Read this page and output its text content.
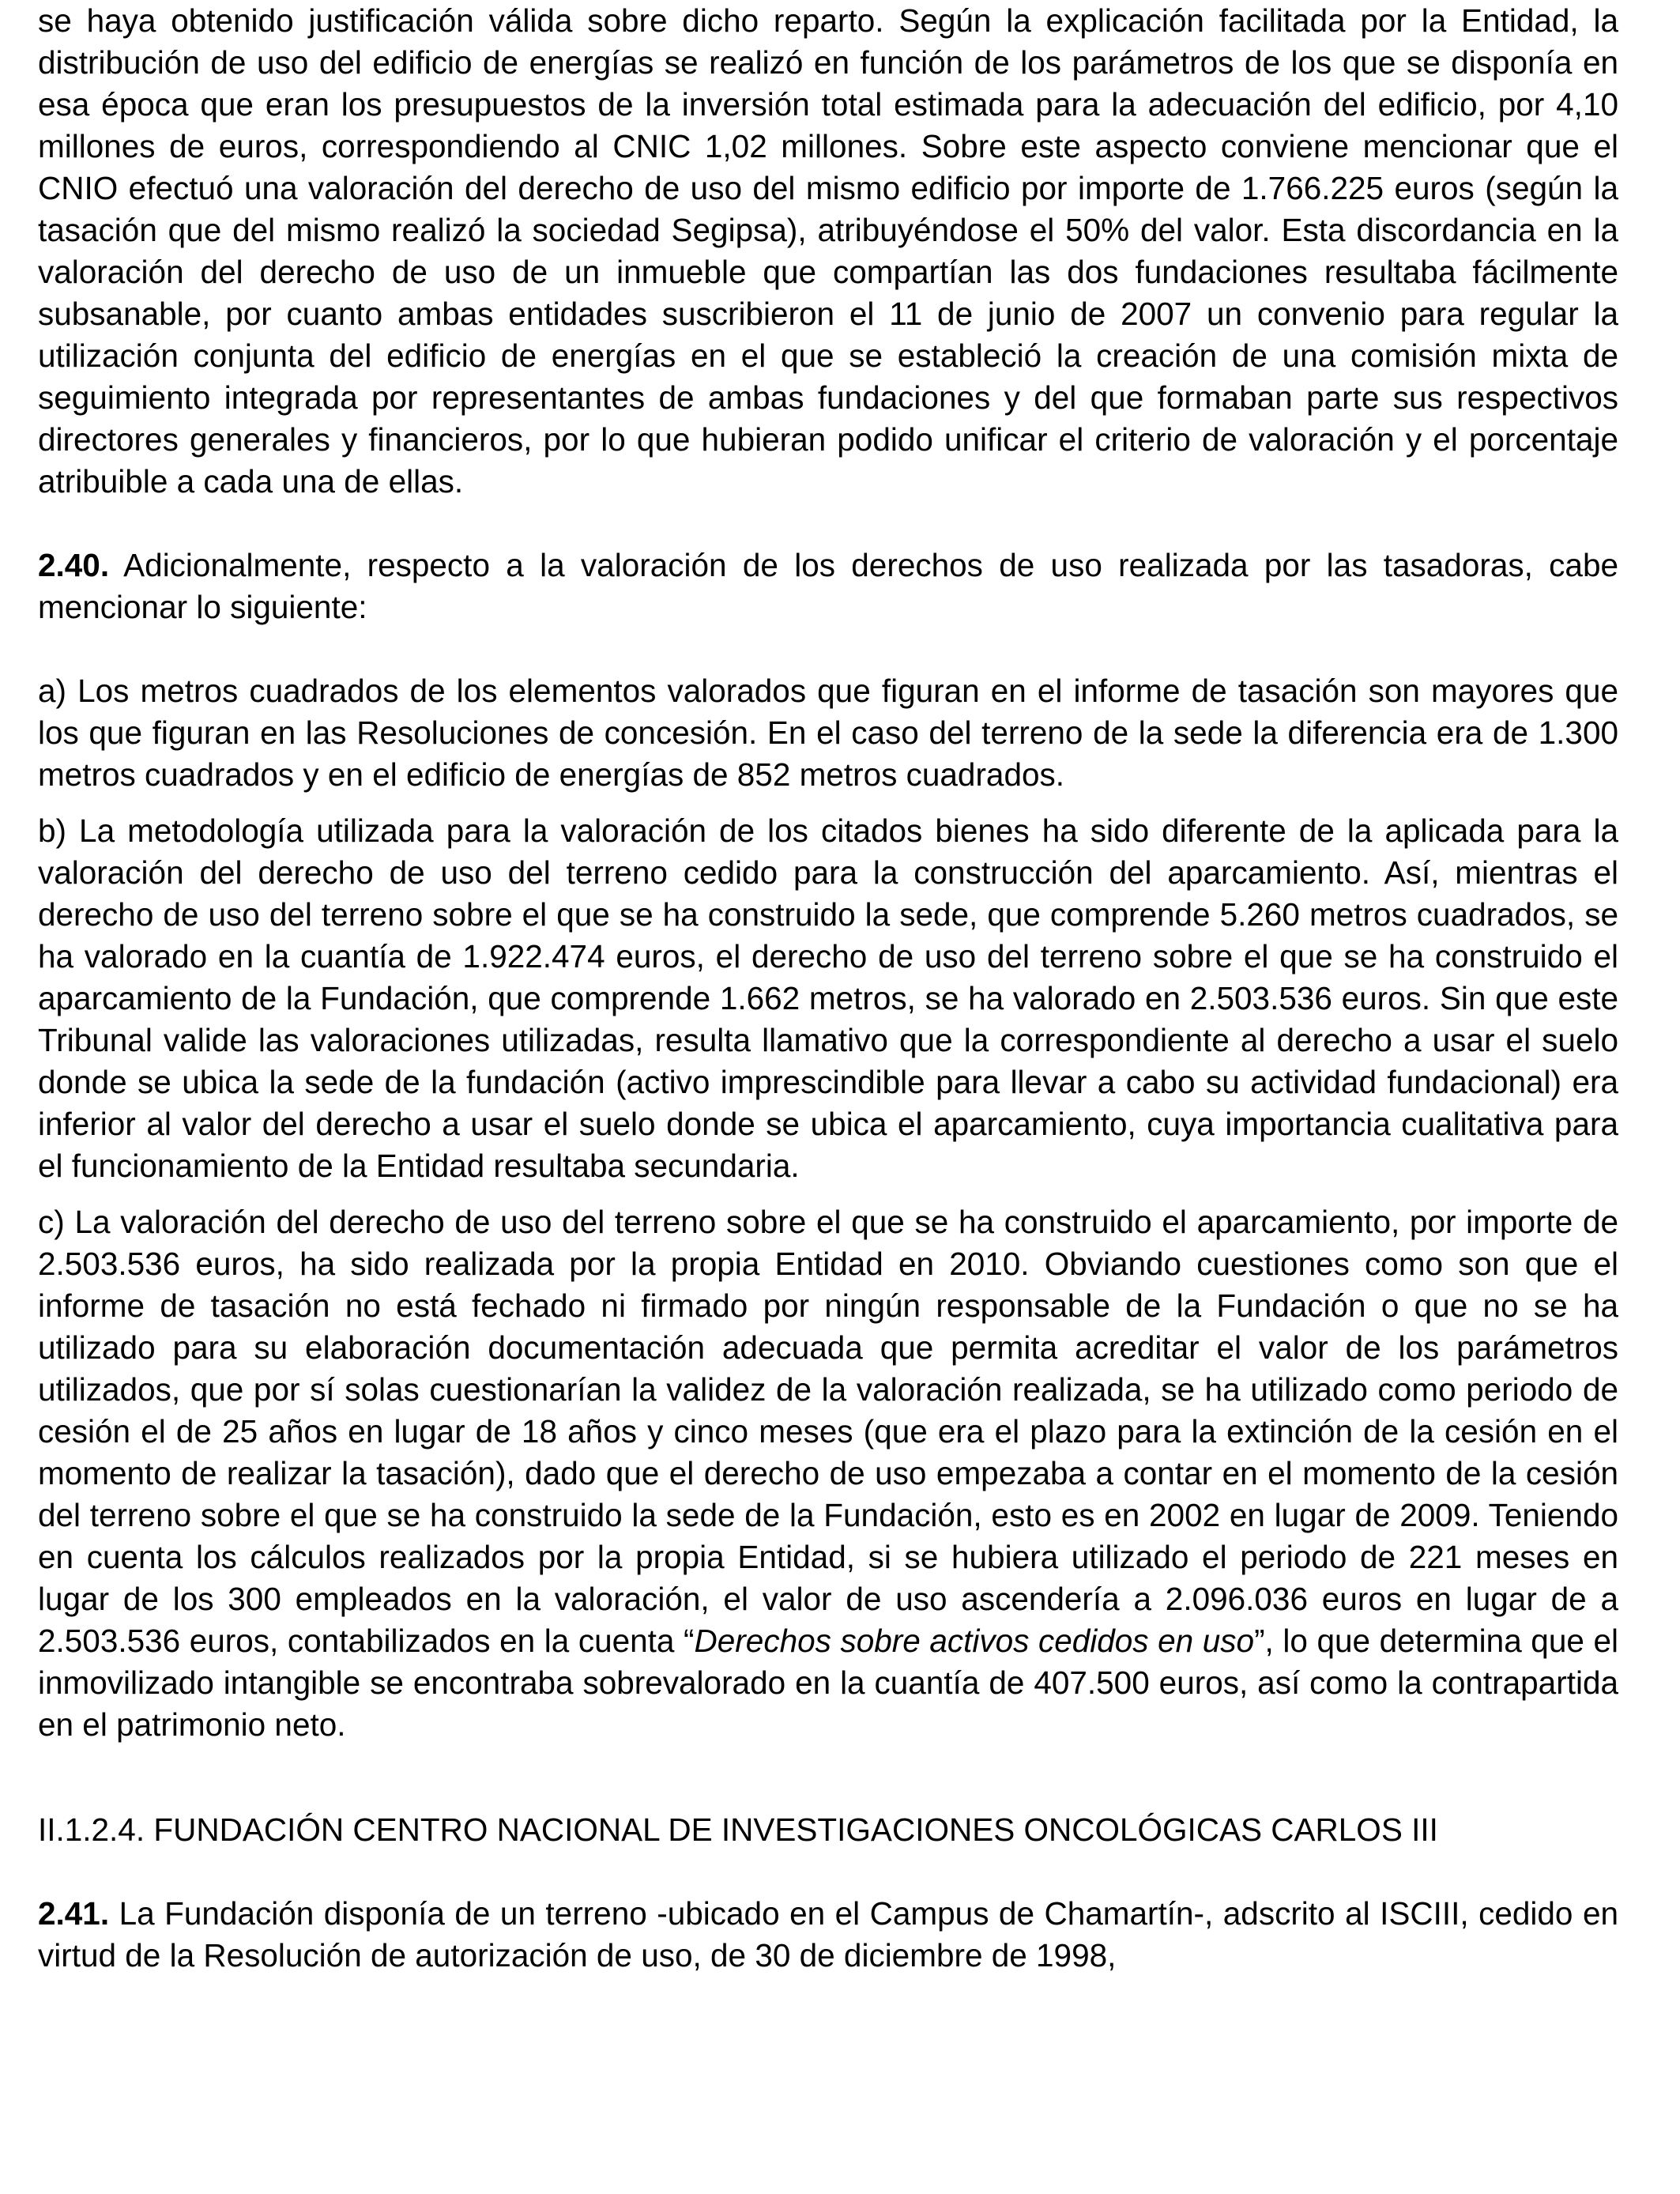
se haya obtenido justificación válida sobre dicho reparto. Según la explicación facilitada por la Entidad, la distribución de uso del edificio de energías se realizó en función de los parámetros de los que se disponía en esa época que eran los presupuestos de la inversión total estimada para la adecuación del edificio, por 4,10 millones de euros, correspondiendo al CNIC 1,02 millones. Sobre este aspecto conviene mencionar que el CNIO efectuó una valoración del derecho de uso del mismo edificio por importe de 1.766.225 euros (según la tasación que del mismo realizó la sociedad Segipsa), atribuyéndose el 50% del valor. Esta discordancia en la valoración del derecho de uso de un inmueble que compartían las dos fundaciones resultaba fácilmente subsanable, por cuanto ambas entidades suscribieron el 11 de junio de 2007 un convenio para regular la utilización conjunta del edificio de energías en el que se estableció la creación de una comisión mixta de seguimiento integrada por representantes de ambas fundaciones y del que formaban parte sus respectivos directores generales y financieros, por lo que hubieran podido unificar el criterio de valoración y el porcentaje atribuible a cada una de ellas.

2.40. Adicionalmente, respecto a la valoración de los derechos de uso realizada por las tasadoras, cabe mencionar lo siguiente:

a) Los metros cuadrados de los elementos valorados que figuran en el informe de tasación son mayores que los que figuran en las Resoluciones de concesión. En el caso del terreno de la sede la diferencia era de 1.300 metros cuadrados y en el edificio de energías de 852 metros cuadrados.

b) La metodología utilizada para la valoración de los citados bienes ha sido diferente de la aplicada para la valoración del derecho de uso del terreno cedido para la construcción del aparcamiento. Así, mientras el derecho de uso del terreno sobre el que se ha construido la sede, que comprende 5.260 metros cuadrados, se ha valorado en la cuantía de 1.922.474 euros, el derecho de uso del terreno sobre el que se ha construido el aparcamiento de la Fundación, que comprende 1.662 metros, se ha valorado en 2.503.536 euros. Sin que este Tribunal valide las valoraciones utilizadas, resulta llamativo que la correspondiente al derecho a usar el suelo donde se ubica la sede de la fundación (activo imprescindible para llevar a cabo su actividad fundacional) era inferior al valor del derecho a usar el suelo donde se ubica el aparcamiento, cuya importancia cualitativa para el funcionamiento de la Entidad resultaba secundaria.

c) La valoración del derecho de uso del terreno sobre el que se ha construido el aparcamiento, por importe de 2.503.536 euros, ha sido realizada por la propia Entidad en 2010. Obviando cuestiones como son que el informe de tasación no está fechado ni firmado por ningún responsable de la Fundación o que no se ha utilizado para su elaboración documentación adecuada que permita acreditar el valor de los parámetros utilizados, que por sí solas cuestionarían la validez de la valoración realizada, se ha utilizado como periodo de cesión el de 25 años en lugar de 18 años y cinco meses (que era el plazo para la extinción de la cesión en el momento de realizar la tasación), dado que el derecho de uso empezaba a contar en el momento de la cesión del terreno sobre el que se ha construido la sede de la Fundación, esto es en 2002 en lugar de 2009. Teniendo en cuenta los cálculos realizados por la propia Entidad, si se hubiera utilizado el periodo de 221 meses en lugar de los 300 empleados en la valoración, el valor de uso ascendería a 2.096.036 euros en lugar de a 2.503.536 euros, contabilizados en la cuenta “Derechos sobre activos cedidos en uso”, lo que determina que el inmovilizado intangible se encontraba sobrevalorado en la cuantía de 407.500 euros, así como la contrapartida en el patrimonio neto.

II.1.2.4. FUNDACIÓN CENTRO NACIONAL DE INVESTIGACIONES ONCOLÓGICAS CARLOS III

2.41. La Fundación disponía de un terreno -ubicado en el Campus de Chamartín-, adscrito al ISCIII, cedido en virtud de la Resolución de autorización de uso, de 30 de diciembre de 1998,
